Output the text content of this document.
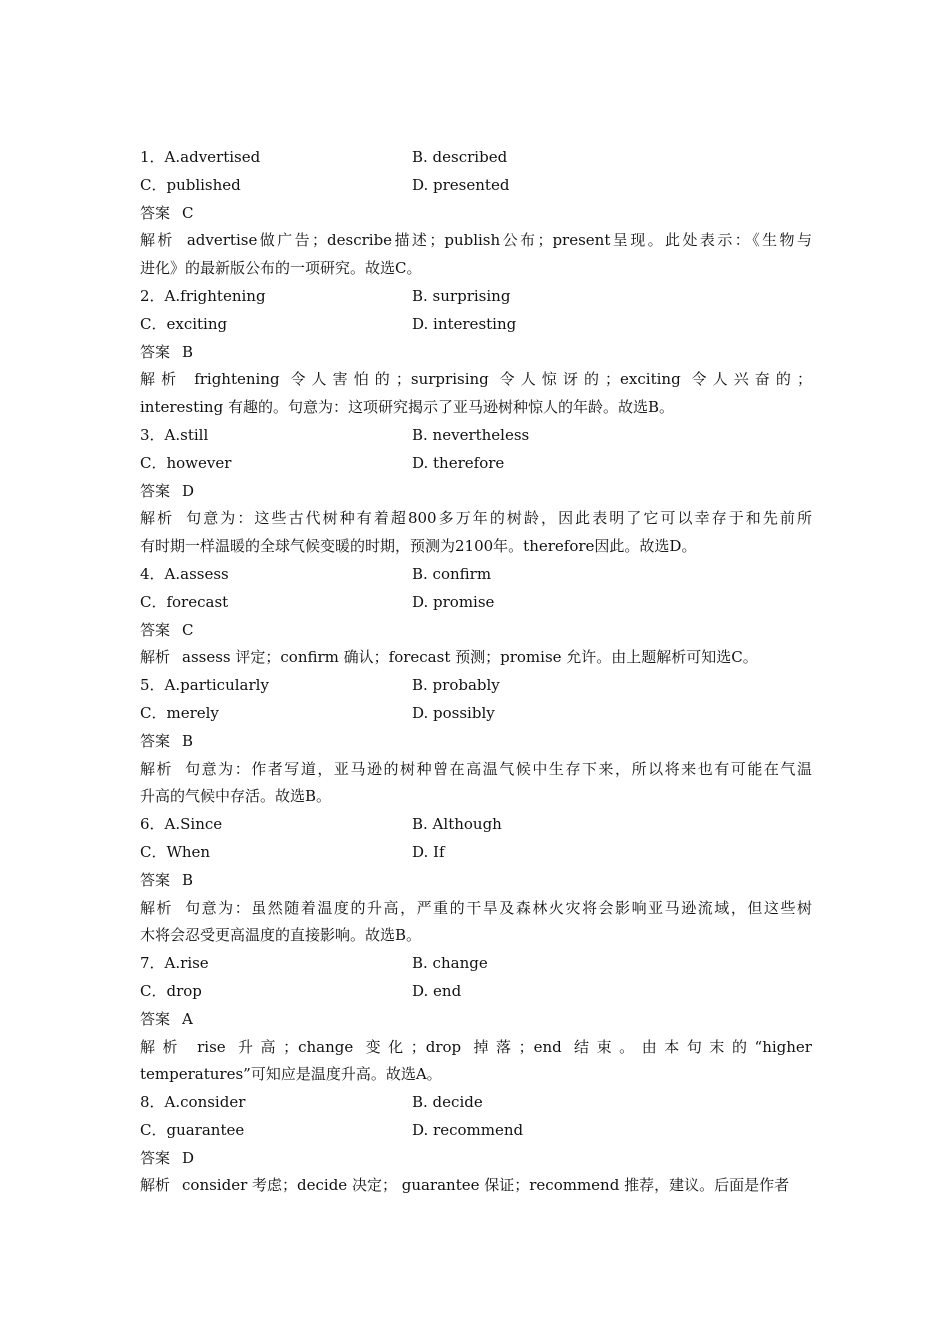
1．A.advertised	B. described
C．published	D. presented
答案 C
解析 advertise做广告；describe描述；publish公布；present呈现。此处表示：《生物与
进化》的最新版公布的一项研究。故选C。
2．A.frightening	B. surprising
C．exciting	D. interesting
答案 B
解析 frightening 令人害怕的；surprising 令人惊讶的；exciting 令人兴奋的；
interesting 有趣的。句意为：这项研究揭示了亚马逊树种惊人的年龄。故选B。
3．A.still	B. nevertheless
C．however	D. therefore
答案 D
解析 句意为：这些古代树种有着超800多万年的树龄，因此表明了它可以幸存于和先前所
有时期一样温暖的全球气候变暖的时期，预测为2100年。therefore因此。故选D。
4．A.assess	B. confirm
C．forecast	D. promise
答案 C
解析 assess 评定；confirm 确认；forecast 预测；promise 允许。由上题解析可知选C。
5．A.particularly	B. probably
C．merely	D. possibly
答案 B
解析 句意为：作者写道，亚马逊的树种曾在高温气候中生存下来，所以将来也有可能在气温
升高的气候中存活。故选B。
6．A.Since	B. Although
C．When	D. If
答案 B
解析 句意为：虽然随着温度的升高，严重的干旱及森林火灾将会影响亚马逊流域，但这些树
木将会忍受更高温度的直接影响。故选B。
7．A.rise	B. change
C．drop	D. end
答案 A
解析 rise 升高；change 变化；drop 掉落；end 结束。由本句末的“higher
temperatures”可知应是温度升高。故选A。
8．A.consider	B. decide
C．guarantee	D. recommend
答案 D
解析 consider 考虑；decide 决定； guarantee 保证；recommend 推荐，建议。后面是作者
